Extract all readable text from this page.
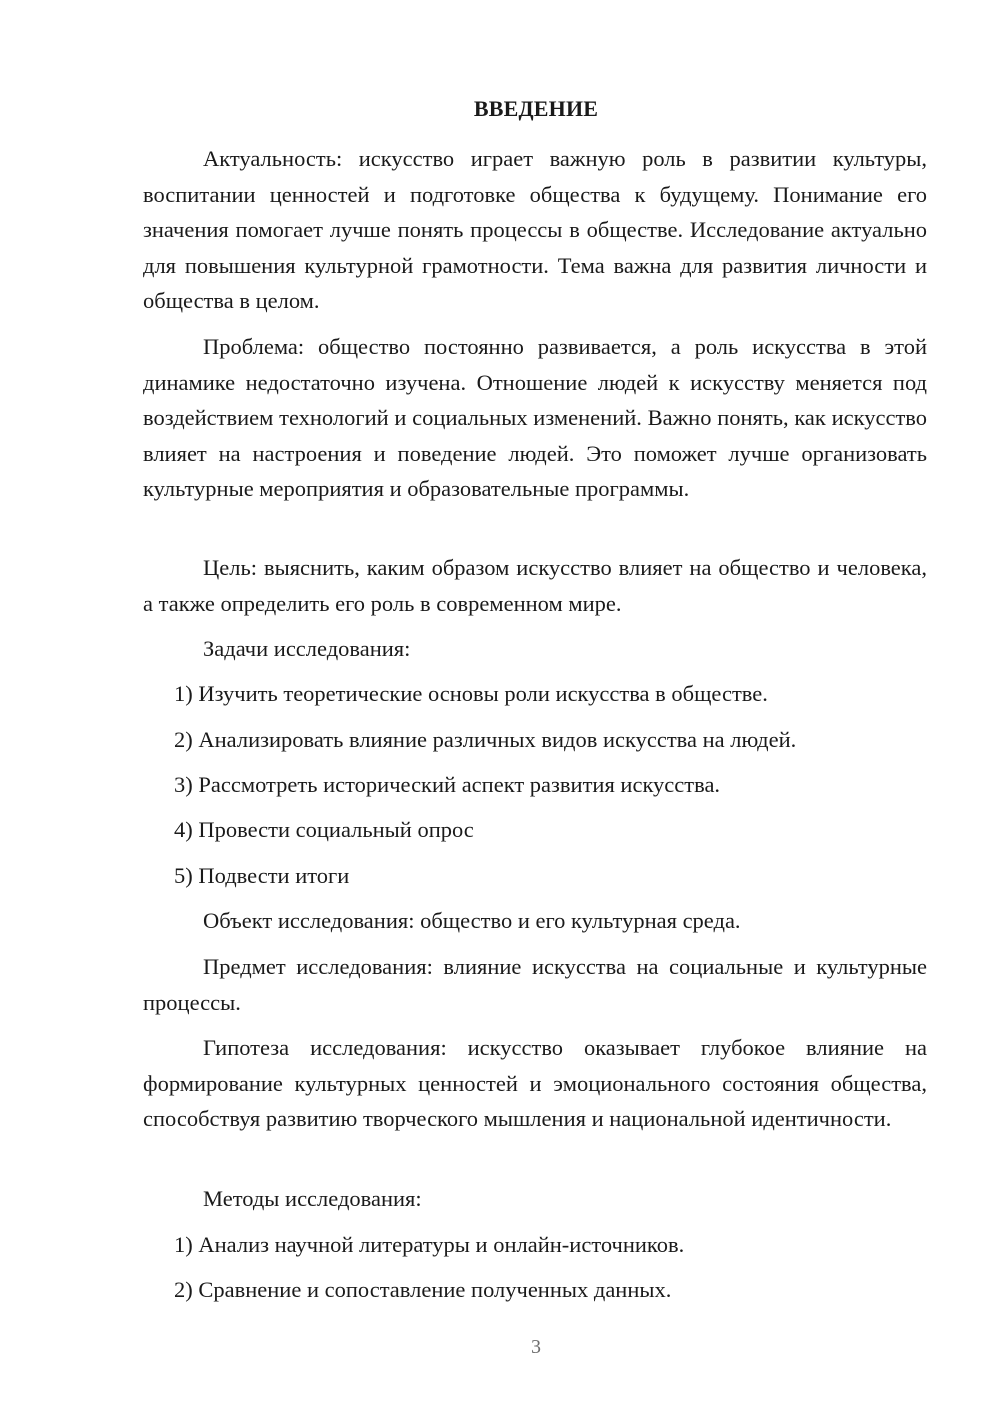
ВВЕДЕНИЕ

Актуальность: искусство играет важную роль в развитии культуры, воспитании ценностей и подготовке общества к будущему. Понимание его значения помогает лучше понять процессы в обществе. Исследование актуально для повышения культурной грамотности. Тема важна для развития личности и общества в целом.

Проблема: общество постоянно развивается, а роль искусства в этой динамике недостаточно изучена. Отношение людей к искусству меняется под воздействием технологий и социальных изменений. Важно понять, как искусство влияет на настроения и поведение людей. Это поможет лучше организовать культурные мероприятия и образовательные программы.

Цель: выяснить, каким образом искусство влияет на общество и человека, а также определить его роль в современном мире.

Задачи исследования:

1) Изучить теоретические основы роли искусства в обществе.
2) Анализировать влияние различных видов искусства на людей.
3) Рассмотреть исторический аспект развития искусства.
4) Провести социальный опрос
5) Подвести итоги

Объект исследования: общество и его культурная среда.

Предмет исследования: влияние искусства на социальные и культурные процессы.

Гипотеза исследования: искусство оказывает глубокое влияние на формирование культурных ценностей и эмоционального состояния общества, способствуя развитию творческого мышления и национальной идентичности.

Методы исследования:

1) Анализ научной литературы и онлайн-источников.
2) Сравнение и сопоставление полученных данных.
3
